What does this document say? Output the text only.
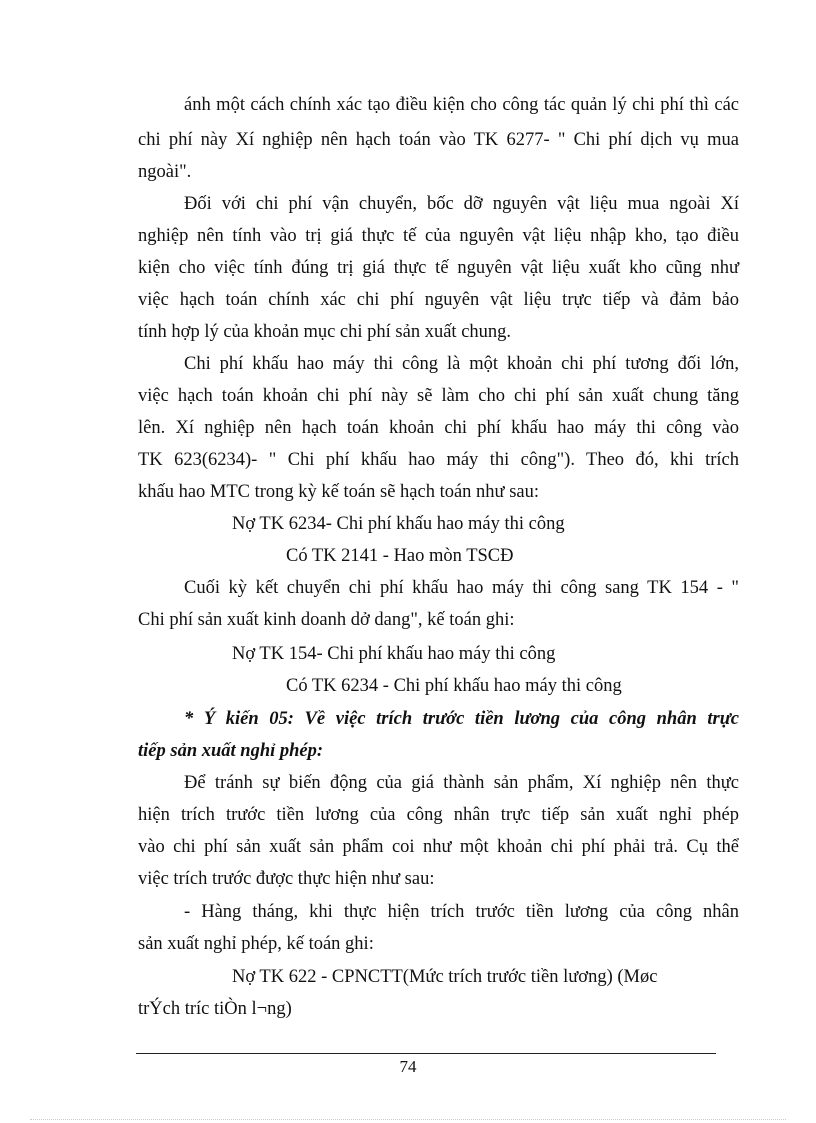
ánh một cách chính xác tạo điều kiện cho công tác quản lý chi phí thì các
chi phí này Xí nghiệp nên hạch toán vào TK 6277- " Chi phí dịch vụ mua
ngoài".
Đối với chi phí vận chuyển, bốc dỡ nguyên vật liệu mua ngoài Xí
nghiệp nên tính vào trị giá thực tế của nguyên vật liệu nhập kho, tạo điều
kiện cho việc tính đúng trị giá thực tế nguyên vật liệu xuất kho cũng như
việc hạch toán chính xác chi phí nguyên vật liệu trực tiếp và đảm bảo
tính hợp lý của khoản mục chi phí sản xuất chung.
Chi phí khấu hao máy thi công là một khoản chi phí tương đối lớn,
việc hạch toán khoản chi phí này sẽ làm cho chi phí sản xuất chung tăng
lên. Xí nghiệp nên hạch toán khoản chi phí khấu hao máy thi công vào
TK 623(6234)- " Chi phí khấu hao máy thi công"). Theo đó, khi trích
khấu hao MTC trong kỳ kế toán sẽ hạch toán như sau:
Nợ TK 6234- Chi phí khấu hao máy thi công
Có TK 2141 - Hao mòn TSCĐ
Cuối kỳ kết chuyển chi phí khấu hao máy thi công sang TK 154 - "
Chi phí sản xuất kinh doanh dở dang", kế toán ghi:
Nợ TK 154- Chi phí khấu hao máy thi công
Có TK 6234 - Chi phí khấu hao máy thi công
* Ý kiến 05: Về việc trích trước tiền lương của công nhân trực
tiếp sản xuất nghỉ phép:
Để tránh sự biến động của giá thành sản phẩm, Xí nghiệp nên thực
hiện trích trước tiền lương của công nhân trực tiếp sản xuất nghỉ phép
vào chi phí sản xuất sản phẩm coi như một khoản chi phí phải trả. Cụ thể
việc trích trước được thực hiện như sau:
- Hàng tháng, khi thực hiện trích trước tiền lương của công nhân
sản xuất nghỉ phép, kế toán ghi:
Nợ TK 622 - CPNCTT(Mức trích trước tiền lương) (Møc
trÝch tríc tiÒn l¬ng)
74
